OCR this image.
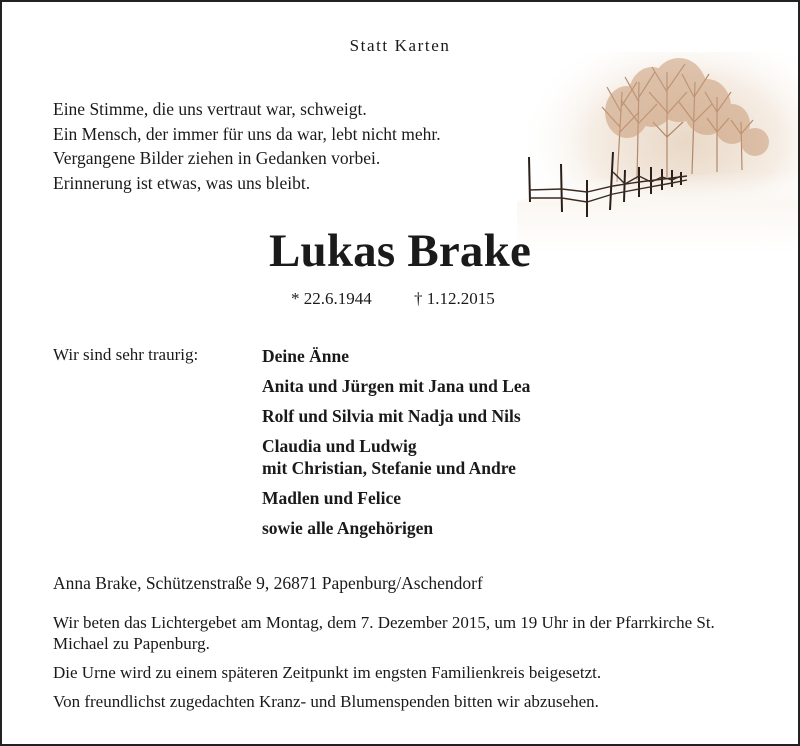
Statt Karten
Eine Stimme, die uns vertraut war, schweigt.
Ein Mensch, der immer für uns da war, lebt nicht mehr.
Vergangene Bilder ziehen in Gedanken vorbei.
Erinnerung ist etwas, was uns bleibt.
Lukas Brake
* 22.6.1944 † 1.12.2015
Wir sind sehr traurig:	Deine Änne
Anita und Jürgen mit Jana und Lea
Rolf und Silvia mit Nadja und Nils
Claudia und Ludwig
mit Christian, Stefanie und Andre
Madlen und Felice
sowie alle Angehörigen
Anna Brake, Schützenstraße 9, 26871 Papenburg/Aschendorf

Wir beten das Lichtergebet am Montag, dem 7. Dezember 2015, um 19 Uhr in der Pfarrkirche St. Michael zu Papenburg.

Die Urne wird zu einem späteren Zeitpunkt im engsten Familienkreis beigesetzt.

Von freundlichst zugedachten Kranz- und Blumenspenden bitten wir abzusehen.
